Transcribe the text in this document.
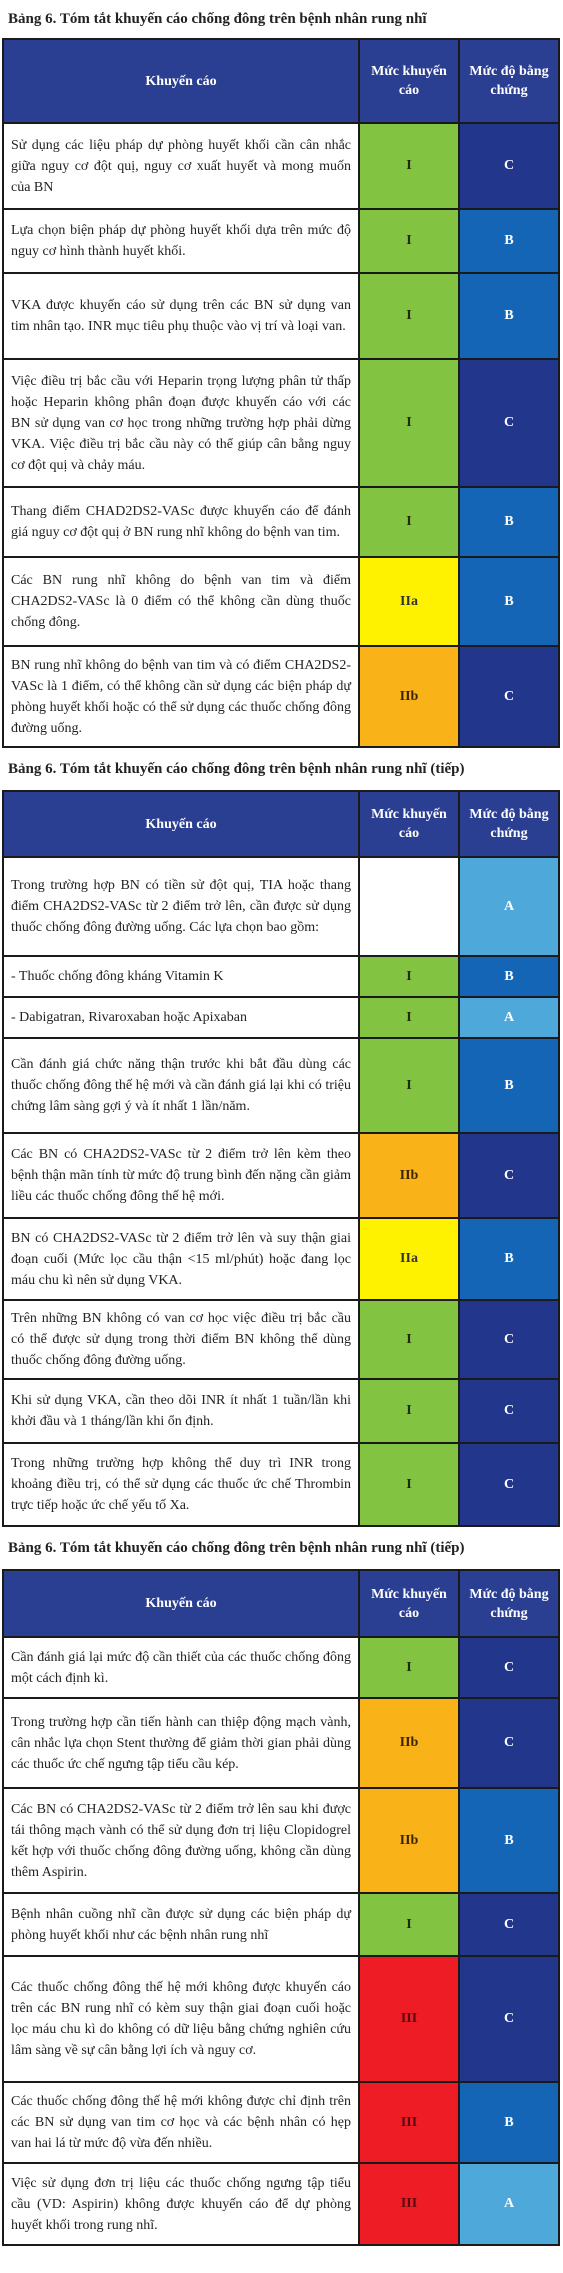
Bảng 6. Tóm tắt khuyến cáo chống đông trên bệnh nhân rung nhĩ
Khuyến cáo	Mức khuyến cáo	Mức độ bằng chứng
Sử dụng các liệu pháp dự phòng huyết khối cần cân nhắc giữa nguy cơ đột quị, nguy cơ xuất huyết và mong muốn của BN	I	C
Lựa chọn biện pháp dự phòng huyết khối dựa trên mức độ nguy cơ hình thành huyết khối.	I	B
VKA được khuyến cáo sử dụng trên các BN sử dụng van tim nhân tạo. INR mục tiêu phụ thuộc vào vị trí và loại van.	I	B
Việc điều trị bắc cầu với Heparin trọng lượng phân tử thấp hoặc Heparin không phân đoạn được khuyến cáo với các BN sử dụng van cơ học trong những trường hợp phải dừng VKA. Việc điều trị bắc cầu này có thể giúp cân bằng nguy cơ đột quị và chảy máu.	I	C
Thang điểm CHAD2DS2-VASc được khuyến cáo để đánh giá nguy cơ đột quị ở BN rung nhĩ không do bệnh van tim.	I	B
Các BN rung nhĩ không do bệnh van tim và điểm CHA2DS2-VASc là 0 điểm có thể không cần dùng thuốc chống đông.	IIa	B
BN rung nhĩ không do bệnh van tim và có điểm CHA2DS2-VASc là 1 điểm, có thể không cần sử dụng các biện pháp dự phòng huyết khối hoặc có thể sử dụng các thuốc chống đông đường uống.	IIb	C
Bảng 6. Tóm tắt khuyến cáo chống đông trên bệnh nhân rung nhĩ (tiếp)
Khuyến cáo	Mức khuyến cáo	Mức độ bằng chứng
Trong trường hợp BN có tiền sử đột quị, TIA hoặc thang điểm CHA2DS2-VASc từ 2 điểm trở lên, cần được sử dụng thuốc chống đông đường uống. Các lựa chọn bao gồm:		A
- Thuốc chống đông kháng Vitamin K	I	B
- Dabigatran, Rivaroxaban hoặc Apixaban	I	A
Cần đánh giá chức năng thận trước khi bắt đầu dùng các thuốc chống đông thế hệ mới và cần đánh giá lại khi có triệu chứng lâm sàng gợi ý và ít nhất 1 lần/năm.	I	B
Các BN có CHA2DS2-VASc từ 2 điểm trở lên kèm theo bệnh thận mãn tính từ mức độ trung bình đến nặng cần giảm liều các thuốc chống đông thế hệ mới.	IIb	C
BN có CHA2DS2-VASc từ 2 điểm trở lên và suy thận giai đoạn cuối (Mức lọc cầu thận <15 ml/phút) hoặc đang lọc máu chu kì nên sử dụng VKA.	IIa	B
Trên những BN không có van cơ học việc điều trị bắc cầu có thể được sử dụng trong thời điểm BN không thể dùng thuốc chống đông đường uống.	I	C
Khi sử dụng VKA, cần theo dõi INR ít nhất 1 tuần/lần khi khởi đầu và 1 tháng/lần khi ổn định.	I	C
Trong những trường hợp không thể duy trì INR trong khoảng điều trị, có thể sử dụng các thuốc ức chế Thrombin trực tiếp hoặc ức chế yếu tố Xa.	I	C
Bảng 6. Tóm tắt khuyến cáo chống đông trên bệnh nhân rung nhĩ (tiếp)
Khuyến cáo	Mức khuyến cáo	Mức độ bằng chứng
Cần đánh giá lại mức độ cần thiết của các thuốc chống đông một cách định kì.	I	C
Trong trường hợp cần tiến hành can thiệp động mạch vành, cân nhắc lựa chọn Stent thường để giảm thời gian phải dùng các thuốc ức chế ngưng tập tiểu cầu kép.	IIb	C
Các BN có CHA2DS2-VASc từ 2 điểm trở lên sau khi được tái thông mạch vành có thể sử dụng đơn trị liệu Clopidogrel kết hợp với thuốc chống đông đường uống, không cần dùng thêm Aspirin.	IIb	B
Bệnh nhân cuồng nhĩ cần được sử dụng các biện pháp dự phòng huyết khối như các bệnh nhân rung nhĩ	I	C
Các thuốc chống đông thế hệ mới không được khuyến cáo trên các BN rung nhĩ có kèm suy thận giai đoạn cuối hoặc lọc máu chu kì do không có dữ liệu bằng chứng nghiên cứu lâm sàng về sự cân bằng lợi ích và nguy cơ.	III	C
Các thuốc chống đông thế hệ mới không được chỉ định trên các BN sử dụng van tim cơ học và các bệnh nhân có hẹp van hai lá từ mức độ vừa đến nhiều.	III	B
Việc sử dụng đơn trị liệu các thuốc chống ngưng tập tiểu cầu (VD: Aspirin) không được khuyến cáo để dự phòng huyết khối trong rung nhĩ.	III	A
